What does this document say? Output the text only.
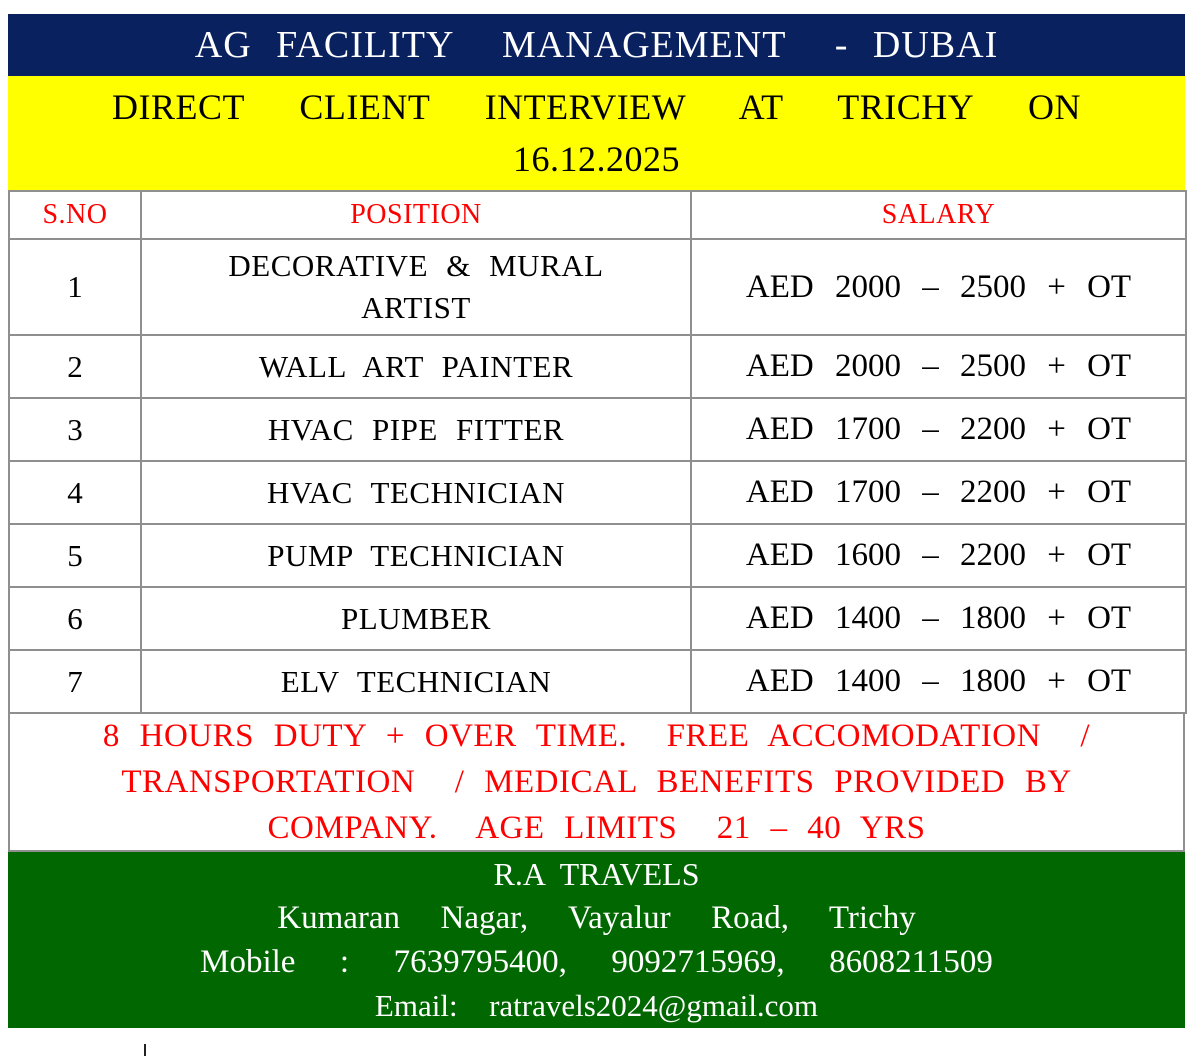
AG FACILITY  MANAGEMENT  - DUBAI
DIRECT  CLIENT  INTERVIEW  AT  TRICHY  ON
16.12.2025
S.NO	POSITION	SALARY
1	DECORATIVE & MURAL ARTIST	AED 2000 – 2500 + OT
2	WALL ART PAINTER	AED 2000 – 2500 + OT
3	HVAC PIPE FITTER	AED 1700 – 2200 + OT
4	HVAC TECHNICIAN	AED 1700 – 2200 + OT
5	PUMP TECHNICIAN	AED 1600 – 2200 + OT
6	PLUMBER	AED 1400 – 1800 + OT
7	ELV TECHNICIAN	AED 1400 – 1800 + OT
8 HOURS DUTY + OVER TIME.  FREE ACCOMODATION  /
TRANSPORTATION  / MEDICAL BENEFITS PROVIDED BY
COMPANY.  AGE LIMITS  21 – 40 YRS
R.A TRAVELS
Kumaran  Nagar,  Vayalur  Road,  Trichy
Mobile  :  7639795400,  9092715969,  8608211509
Email:  ratravels2024@gmail.com
